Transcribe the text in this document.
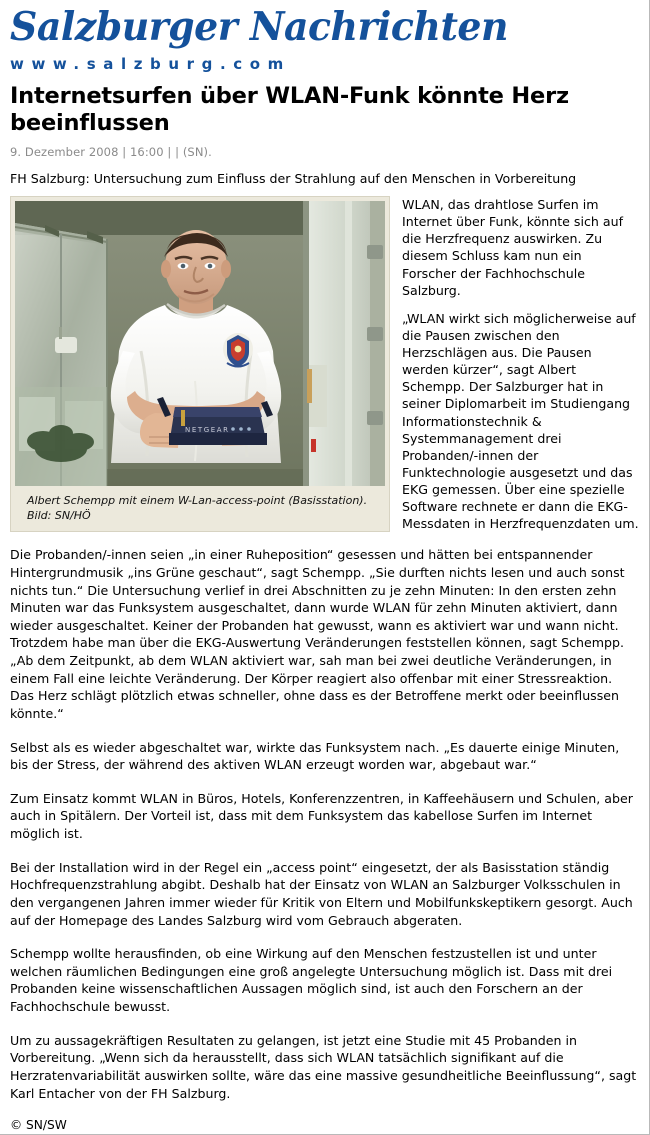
Salzburger Nachrichten
www.salzburg.com
Internetsurfen über WLAN-Funk könnte Herz beeinflussen
9. Dezember 2008 | 16:00 | | (SN).
FH Salzburg: Untersuchung zum Einfluss der Strahlung auf den Menschen in Vorbereitung
NETGEAR
Albert Schempp mit einem W-Lan-access-point (Basisstation). Bild: SN/HÖ

WLAN, das drahtlose Surfen im Internet über Funk, könnte sich auf die Herzfrequenz auswirken. Zu diesem Schluss kam nun ein Forscher der Fachhochschule Salzburg.

„WLAN wirkt sich möglicherweise auf die Pausen zwischen den Herzschlägen aus. Die Pausen werden kürzer“, sagt Albert Schempp. Der Salzburger hat in seiner Diplomarbeit im Studiengang Informationstechnik & Systemmanagement drei Probanden/-innen der Funktechnologie ausgesetzt und das EKG gemessen. Über eine spezielle Software rechnete er dann die EKG-Messdaten in Herzfrequenzdaten um.

Die Probanden/-innen seien „in einer Ruheposition“ gesessen und hätten bei entspannender Hintergrundmusik „ins Grüne geschaut“, sagt Schempp. „Sie durften nichts lesen und auch sonst nichts tun.“ Die Untersuchung verlief in drei Abschnitten zu je zehn Minuten: In den ersten zehn Minuten war das Funksystem ausgeschaltet, dann wurde WLAN für zehn Minuten aktiviert, dann wieder ausgeschaltet. Keiner der Probanden hat gewusst, wann es aktiviert war und wann nicht. Trotzdem habe man über die EKG-Auswertung Veränderungen feststellen können, sagt Schempp. „Ab dem Zeitpunkt, ab dem WLAN aktiviert war, sah man bei zwei deutliche Veränderungen, in einem Fall eine leichte Veränderung. Der Körper reagiert also offenbar mit einer Stressreaktion. Das Herz schlägt plötzlich etwas schneller, ohne dass es der Betroffene merkt oder beeinflussen könnte.“

Selbst als es wieder abgeschaltet war, wirkte das Funksystem nach. „Es dauerte einige Minuten, bis der Stress, der während des aktiven WLAN erzeugt worden war, abgebaut war.“

Zum Einsatz kommt WLAN in Büros, Hotels, Konferenzzentren, in Kaffeehäusern und Schulen, aber auch in Spitälern. Der Vorteil ist, dass mit dem Funksystem das kabellose Surfen im Internet möglich ist.

Bei der Installation wird in der Regel ein „access point“ eingesetzt, der als Basisstation ständig Hochfrequenzstrahlung abgibt. Deshalb hat der Einsatz von WLAN an Salzburger Volksschulen in den vergangenen Jahren immer wieder für Kritik von Eltern und Mobilfunkskeptikern gesorgt. Auch auf der Homepage des Landes Salzburg wird vom Gebrauch abgeraten.

Schempp wollte herausfinden, ob eine Wirkung auf den Menschen festzustellen ist und unter welchen räumlichen Bedingungen eine groß angelegte Untersuchung möglich ist. Dass mit drei Probanden keine wissenschaftlichen Aussagen möglich sind, ist auch den Forschern an der Fachhochschule bewusst.

Um zu aussagekräftigen Resultaten zu gelangen, ist jetzt eine Studie mit 45 Probanden in Vorbereitung. „Wenn sich da herausstellt, dass sich WLAN tatsächlich signifikant auf die Herzratenvariabilität auswirken sollte, wäre das eine massive gesundheitliche Beeinflussung“, sagt Karl Entacher von der FH Salzburg.

© SN/SW
